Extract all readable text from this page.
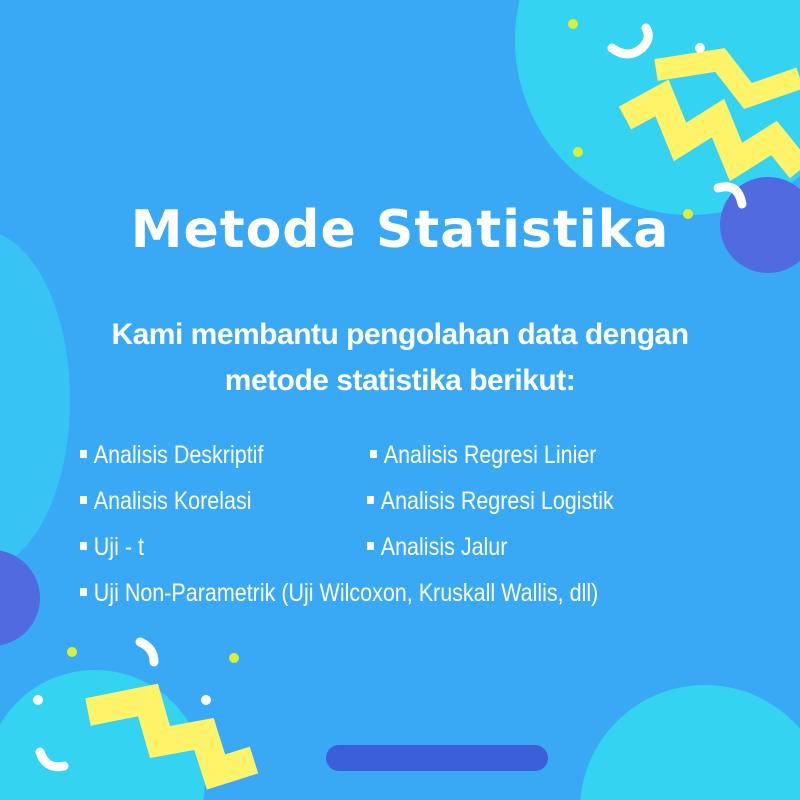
Metode Statistika
Kami membantu pengolahan data dengan
metode statistika berikut:
Analisis Deskriptif	Analisis Regresi Linier
Analisis Korelasi	Analisis Regresi Logistik
Uji - t	Analisis Jalur
Uji Non-Parametrik (Uji Wilcoxon, Kruskall Wallis, dll)
